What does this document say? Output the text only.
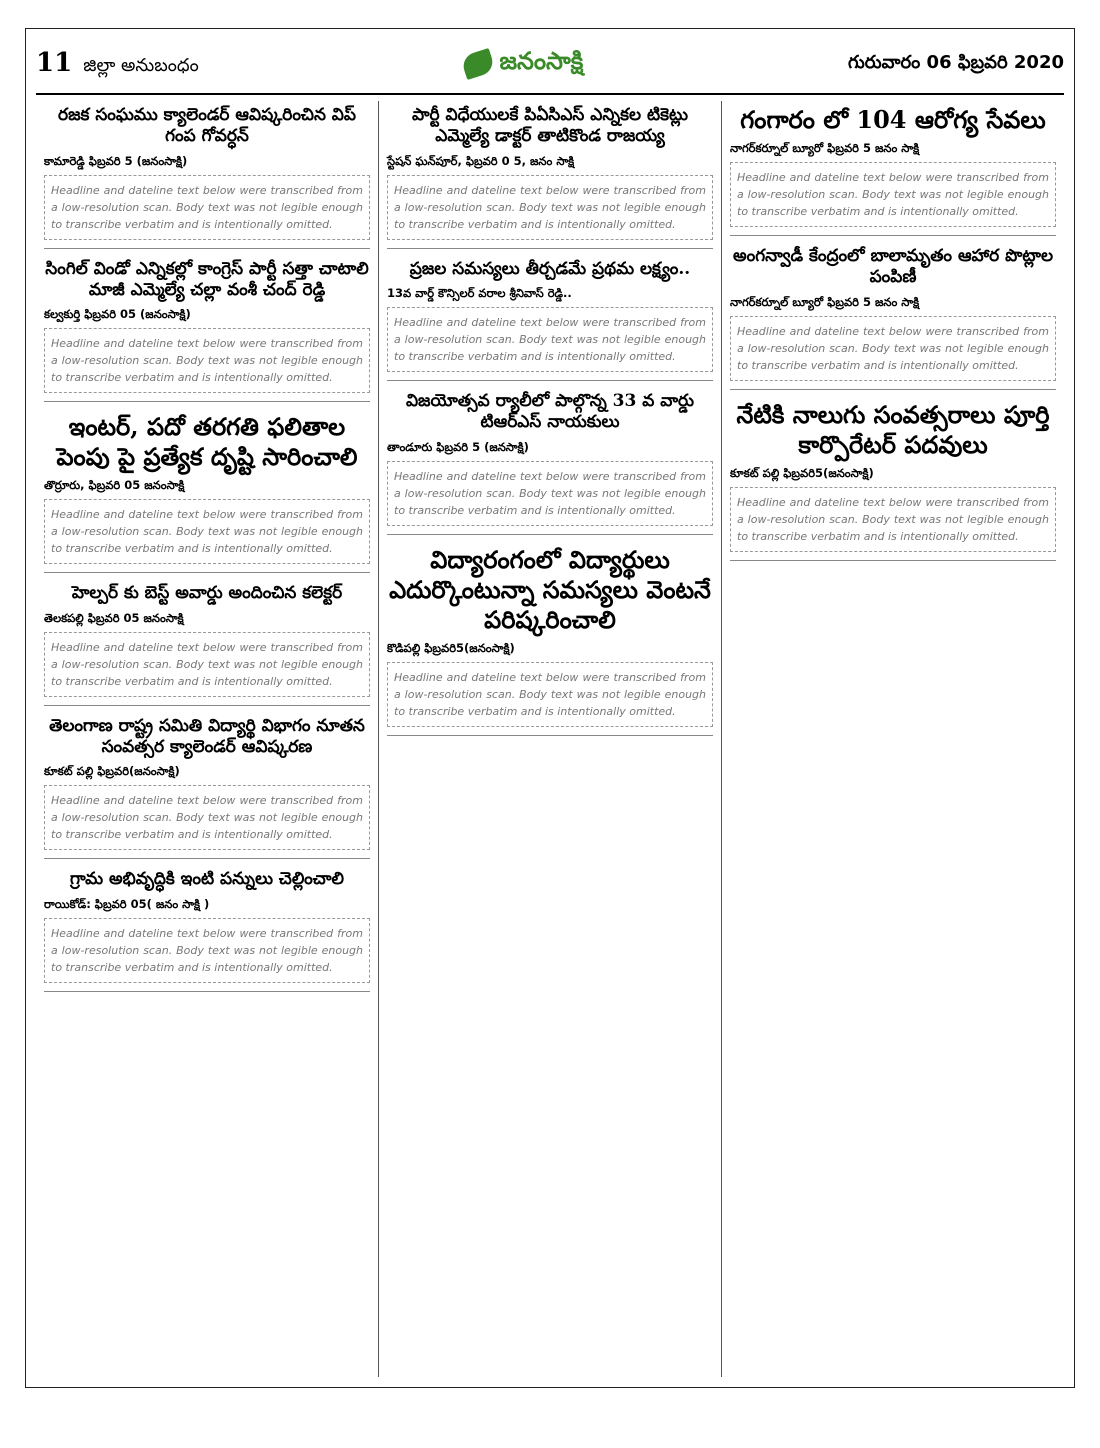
11 జిల్లా అనుబంధం	జనంసాక్షి	గురువారం 06 ఫిబ్రవరి 2020
రజక సంఘము క్యాలెండర్ ఆవిష్కరించిన విప్ గంప గోవర్ధన్
కామారెడ్డి ఫిబ్రవరి 5 (జనంసాక్షి)
Headline and dateline text below were transcribed from a low-resolution scan. Body text was not legible enough to transcribe verbatim and is intentionally omitted.
సింగిల్ విండో ఎన్నికల్లో కాంగ్రెస్ పార్టీ సత్తా చాటాలి మాజీ ఎమ్మెల్యే చల్లా వంశీ చంద్ రెడ్డి
కల్వకుర్తి ఫిబ్రవరి 05 (జనంసాక్షి)
Headline and dateline text below were transcribed from a low-resolution scan. Body text was not legible enough to transcribe verbatim and is intentionally omitted.
ఇంటర్, పదో తరగతి ఫలితాల పెంపు పై ప్రత్యేక దృష్టి సారించాలి
తొర్రూరు, ఫిబ్రవరి 05 జనంసాక్షి
Headline and dateline text below were transcribed from a low-resolution scan. Body text was not legible enough to transcribe verbatim and is intentionally omitted.
హెల్పర్ కు బెస్ట్ అవార్డు అందించిన కలెక్టర్
తెలకపల్లి ఫిబ్రవరి 05 జనంసాక్షి
Headline and dateline text below were transcribed from a low-resolution scan. Body text was not legible enough to transcribe verbatim and is intentionally omitted.
తెలంగాణ రాష్ట్ర సమితి విద్యార్థి విభాగం నూతన సంవత్సర క్యాలెండర్ ఆవిష్కరణ
కూకట్ పల్లి ఫిబ్రవరి(జనంసాక్షి)
Headline and dateline text below were transcribed from a low-resolution scan. Body text was not legible enough to transcribe verbatim and is intentionally omitted.
గ్రామ అభివృద్ధికి ఇంటి పన్నులు చెల్లించాలి
రాయికోడ్: ఫిబ్రవరి 05( జనం సాక్షి )
Headline and dateline text below were transcribed from a low-resolution scan. Body text was not legible enough to transcribe verbatim and is intentionally omitted.
పార్టీ విధేయులకే పిఏసిఎస్ ఎన్నికల టికెట్లు ఎమ్మెల్యే డాక్టర్ తాటికొండ రాజయ్య
స్టేషన్ ఘన్‌పూర్, ఫిబ్రవరి 0 5, జనం సాక్షి
Headline and dateline text below were transcribed from a low-resolution scan. Body text was not legible enough to transcribe verbatim and is intentionally omitted.
ప్రజల సమస్యలు తీర్చడమే ప్రథమ లక్ష్యం..
13వ వార్డ్ కౌన్సిలర్ వరాల శ్రీనివాస్ రెడ్డి..
Headline and dateline text below were transcribed from a low-resolution scan. Body text was not legible enough to transcribe verbatim and is intentionally omitted.
విజయోత్సవ ర్యాలీలో పాల్గొన్న 33 వ వార్డు టిఆర్ఎస్ నాయకులు
తాండూరు ఫిబ్రవరి 5 (జనసాక్షి)
Headline and dateline text below were transcribed from a low-resolution scan. Body text was not legible enough to transcribe verbatim and is intentionally omitted.
విద్యారంగంలో విద్యార్థులు ఎదుర్కొంటున్నా సమస్యలు వెంటనే పరిష్కరించాలి
కొడిపల్లి ఫిబ్రవరి5(జనంసాక్షి)
Headline and dateline text below were transcribed from a low-resolution scan. Body text was not legible enough to transcribe verbatim and is intentionally omitted.
గంగారం లో 104 ఆరోగ్య సేవలు
నాగర్‌కర్నూల్ బ్యూరో ఫిబ్రవరి 5 జనం సాక్షి
Headline and dateline text below were transcribed from a low-resolution scan. Body text was not legible enough to transcribe verbatim and is intentionally omitted.
అంగన్వాడీ కేంద్రంలో బాలామృతం ఆహార పొట్లాల పంపిణీ
నాగర్‌కర్నూల్ బ్యూరో ఫిబ్రవరి 5 జనం సాక్షి
Headline and dateline text below were transcribed from a low-resolution scan. Body text was not legible enough to transcribe verbatim and is intentionally omitted.
నేటికి నాలుగు సంవత్సరాలు పూర్తి కార్పొరేటర్ పదవులు
కూకట్ పల్లి ఫిబ్రవరి5(జనంసాక్షి)
Headline and dateline text below were transcribed from a low-resolution scan. Body text was not legible enough to transcribe verbatim and is intentionally omitted.
